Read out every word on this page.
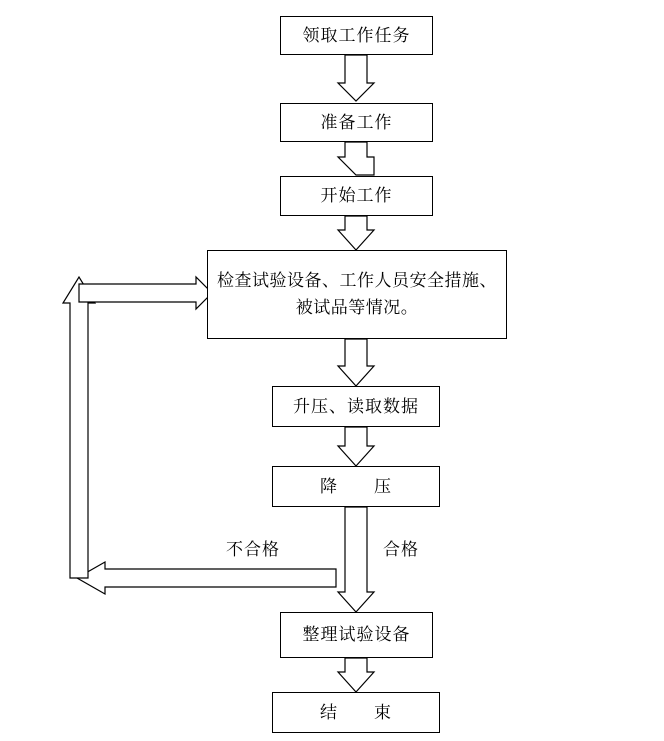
领取工作任务
准备工作
开始工作
检查试验设备、工作人员安全措施、被试品等情况。
升压、读取数据
降　　压
整理试验设备
结　　束
不合格	合格
